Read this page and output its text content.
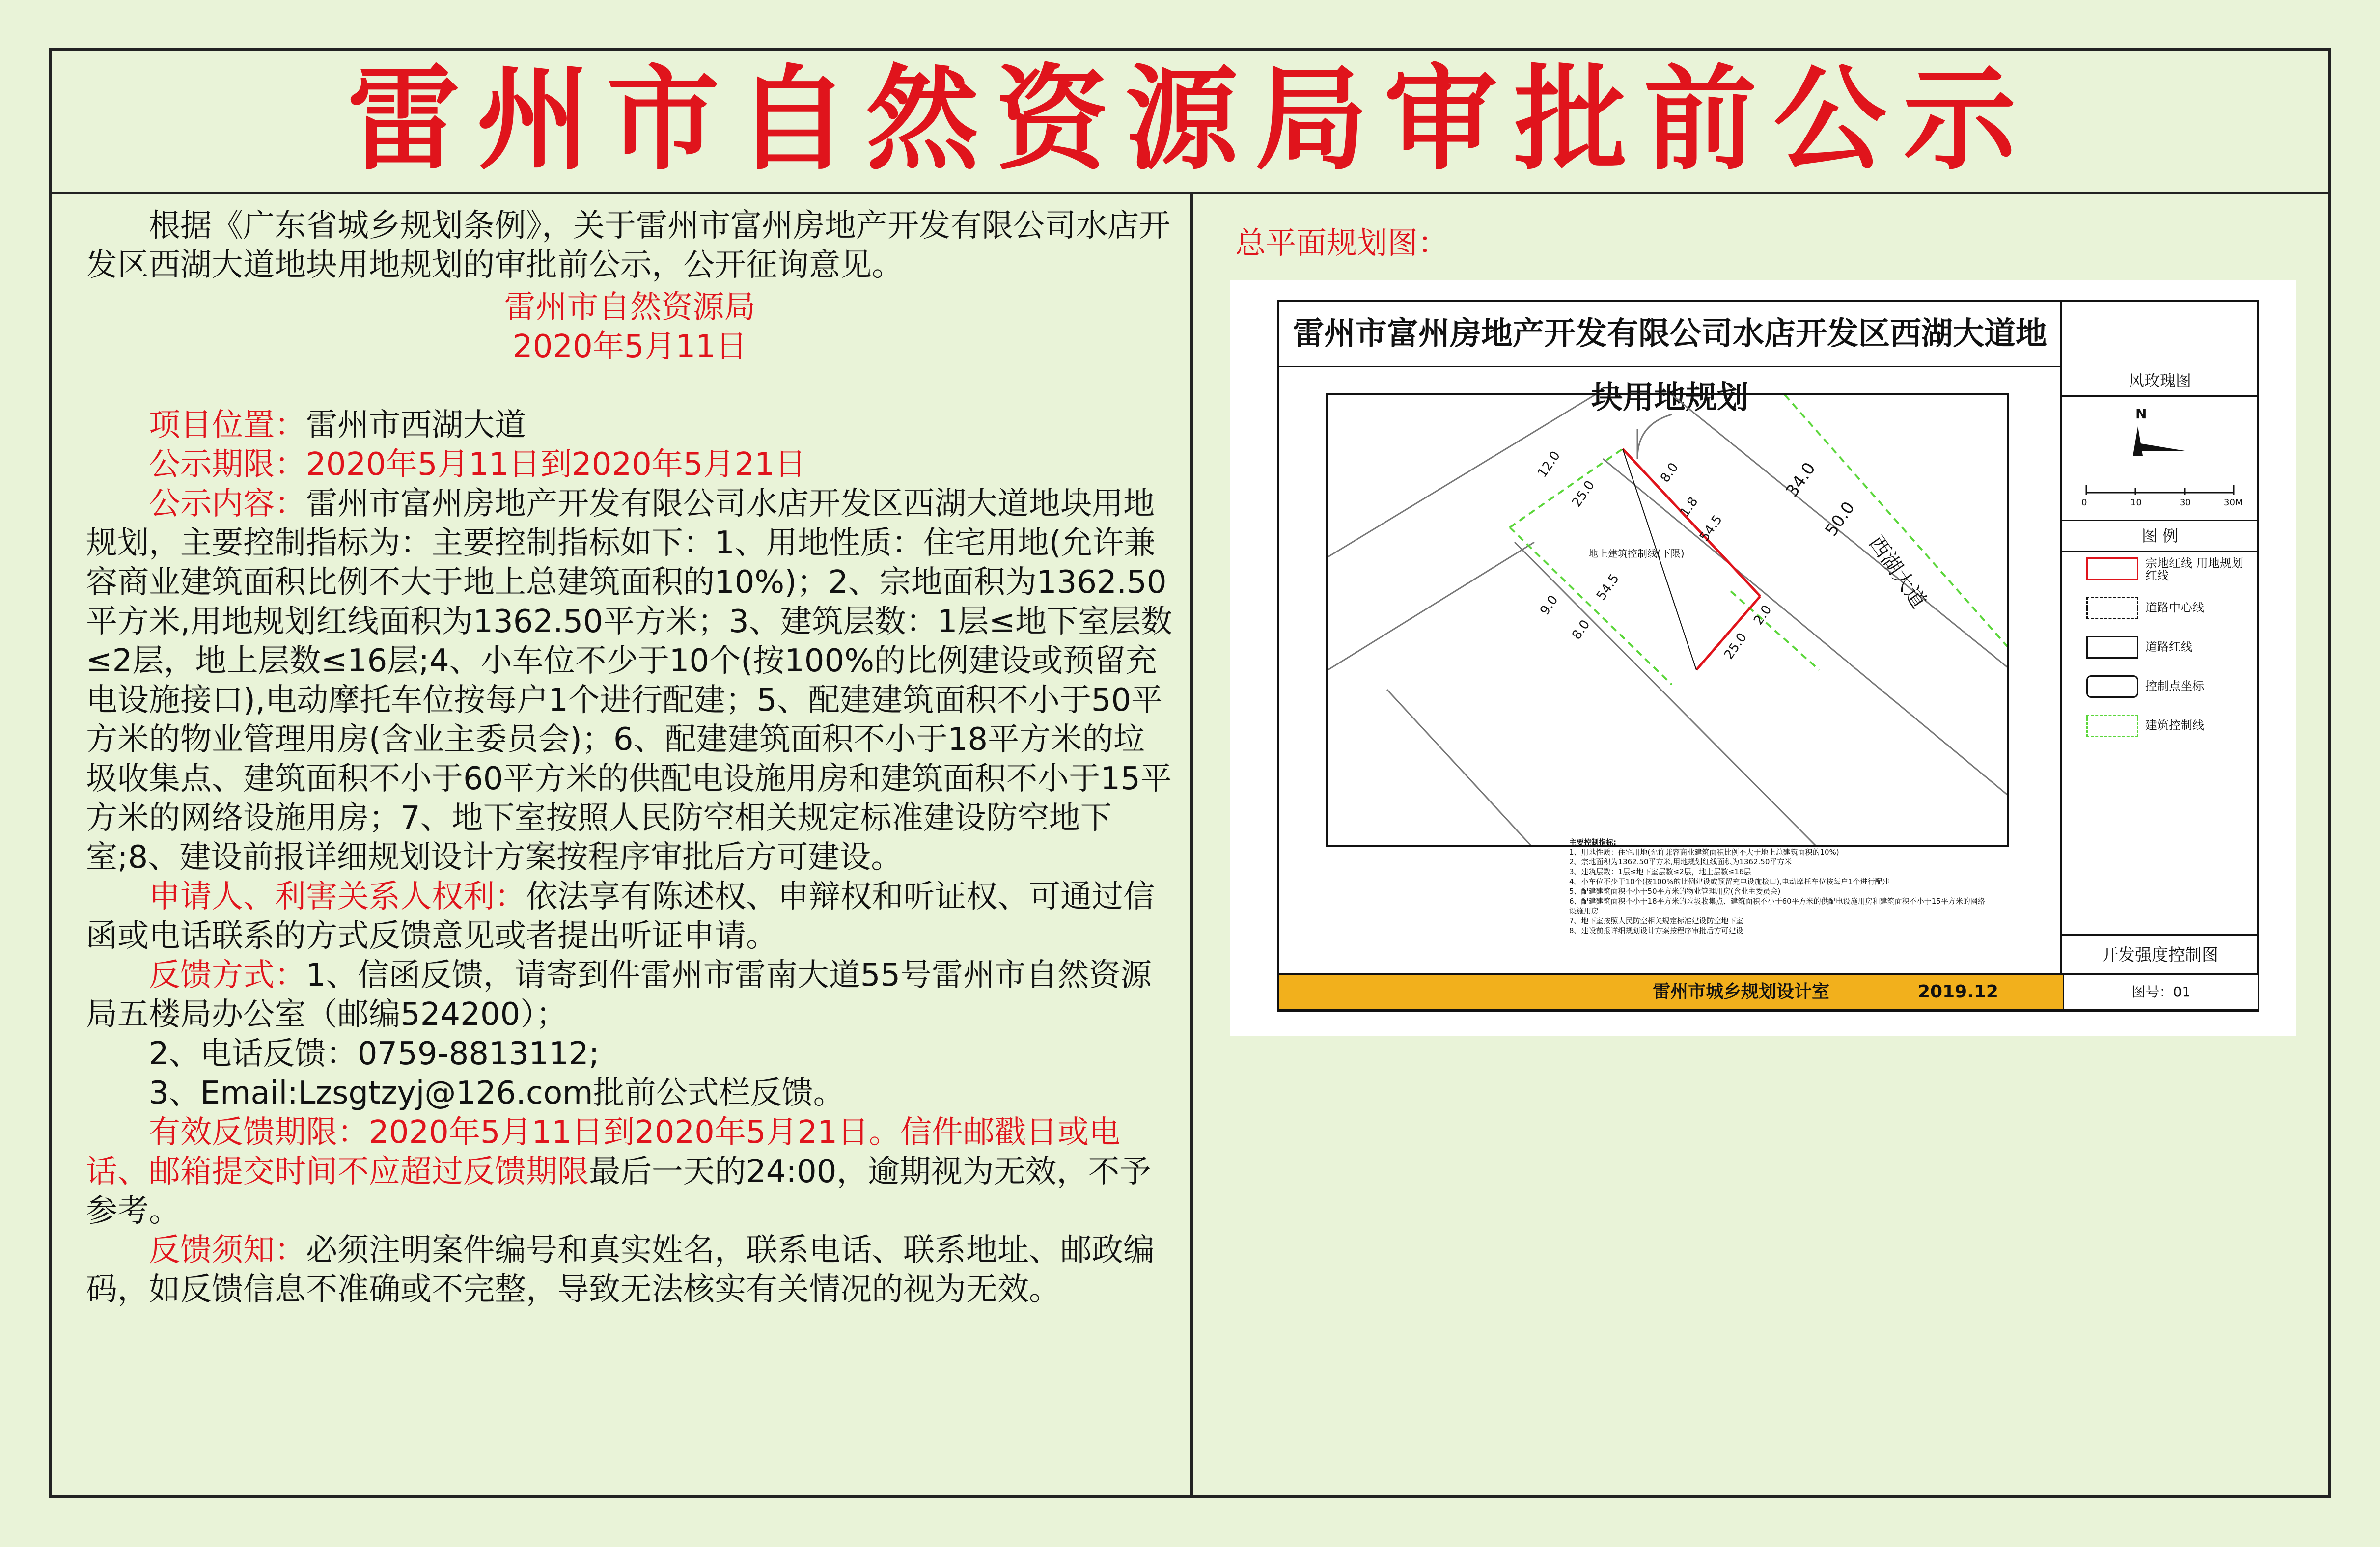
雷州市自然资源局审批前公示

根据《广东省城乡规划条例》，关于雷州市富州房地产开发有限公司水店开发区西湖大道地块用地规划的审批前公示，公开征询意见。

雷州市自然资源局

2020年5月11日

项目位置：雷州市西湖大道

公示期限：2020年5月11日到2020年5月21日

公示内容：雷州市富州房地产开发有限公司水店开发区西湖大道地块用地规划，主要控制指标为：主要控制指标如下：1、用地性质：住宅用地(允许兼容商业建筑面积比例不大于地上总建筑面积的10%)；2、宗地面积为1362.50平方米,用地规划红线面积为1362.50平方米；3、建筑层数：1层≤地下室层数≤2层，地上层数≤16层;4、小车位不少于10个(按100%的比例建设或预留充电设施接口),电动摩托车位按每户1个进行配建；5、配建建筑面积不小于50平方米的物业管理用房(含业主委员会)；6、配建建筑面积不小于18平方米的垃圾收集点、建筑面积不小于60平方米的供配电设施用房和建筑面积不小于15平方米的网络设施用房；7、地下室按照人民防空相关规定标准建设防空地下室;8、建设前报详细规划设计方案按程序审批后方可建设。

申请人、利害关系人权利：依法享有陈述权、申辩权和听证权、可通过信函或电话联系的方式反馈意见或者提出听证申请。

反馈方式：1、信函反馈，请寄到件雷州市雷南大道55号雷州市自然资源局五楼局办公室（邮编524200）；

2、电话反馈：0759-8813112;

3、Email:Lzsgtzyj@126.com批前公式栏反馈。

有效反馈期限：2020年5月11日到2020年5月21日。信件邮戳日或电话、邮箱提交时间不应超过反馈期限最后一天的24:00，逾期视为无效，不予参考。

反馈须知：必须注明案件编号和真实姓名，联系电话、联系地址、邮政编码，如反馈信息不准确或不完整，导致无法核实有关情况的视为无效。

总平面规划图：
雷州市富州房地产开发有限公司水店开发区西湖大道地块用地规划
12.0
25.0
8.0
1.8
54.5
34.0
50.0
9.0
8.0
54.5
2.0
25.0
西湖大道
地上建筑控制线(下限)

主要控制指标:

1、用地性质：住宅用地(允许兼容商业建筑面积比例不大于地上总建筑面积的10%)

2、宗地面积为1362.50平方米,用地规划红线面积为1362.50平方米

3、建筑层数：1层≤地下室层数≤2层，地上层数≤16层

4、小车位不少于10个(按100%的比例建设或预留充电设施接口),电动摩托车位按每户1个进行配建

5、配建建筑面积不小于50平方米的物业管理用房(含业主委员会)

6、配建建筑面积不小于18平方米的垃圾收集点、建筑面积不小于60平方米的供配电设施用房和建筑面积不小于15平方米的网络设施用房

7、地下室按照人民防空相关规定标准建设防空地下室

8、建设前报详细规划设计方案按程序审批后方可建设

风玫瑰图
N
0	10	30	30M
图 例
宗地红线 用地规划红线
道路中心线
道路红线
控制点坐标
建筑控制线
开发强度控制图
雷州市城乡规划设计室	2019.12	图号：01
